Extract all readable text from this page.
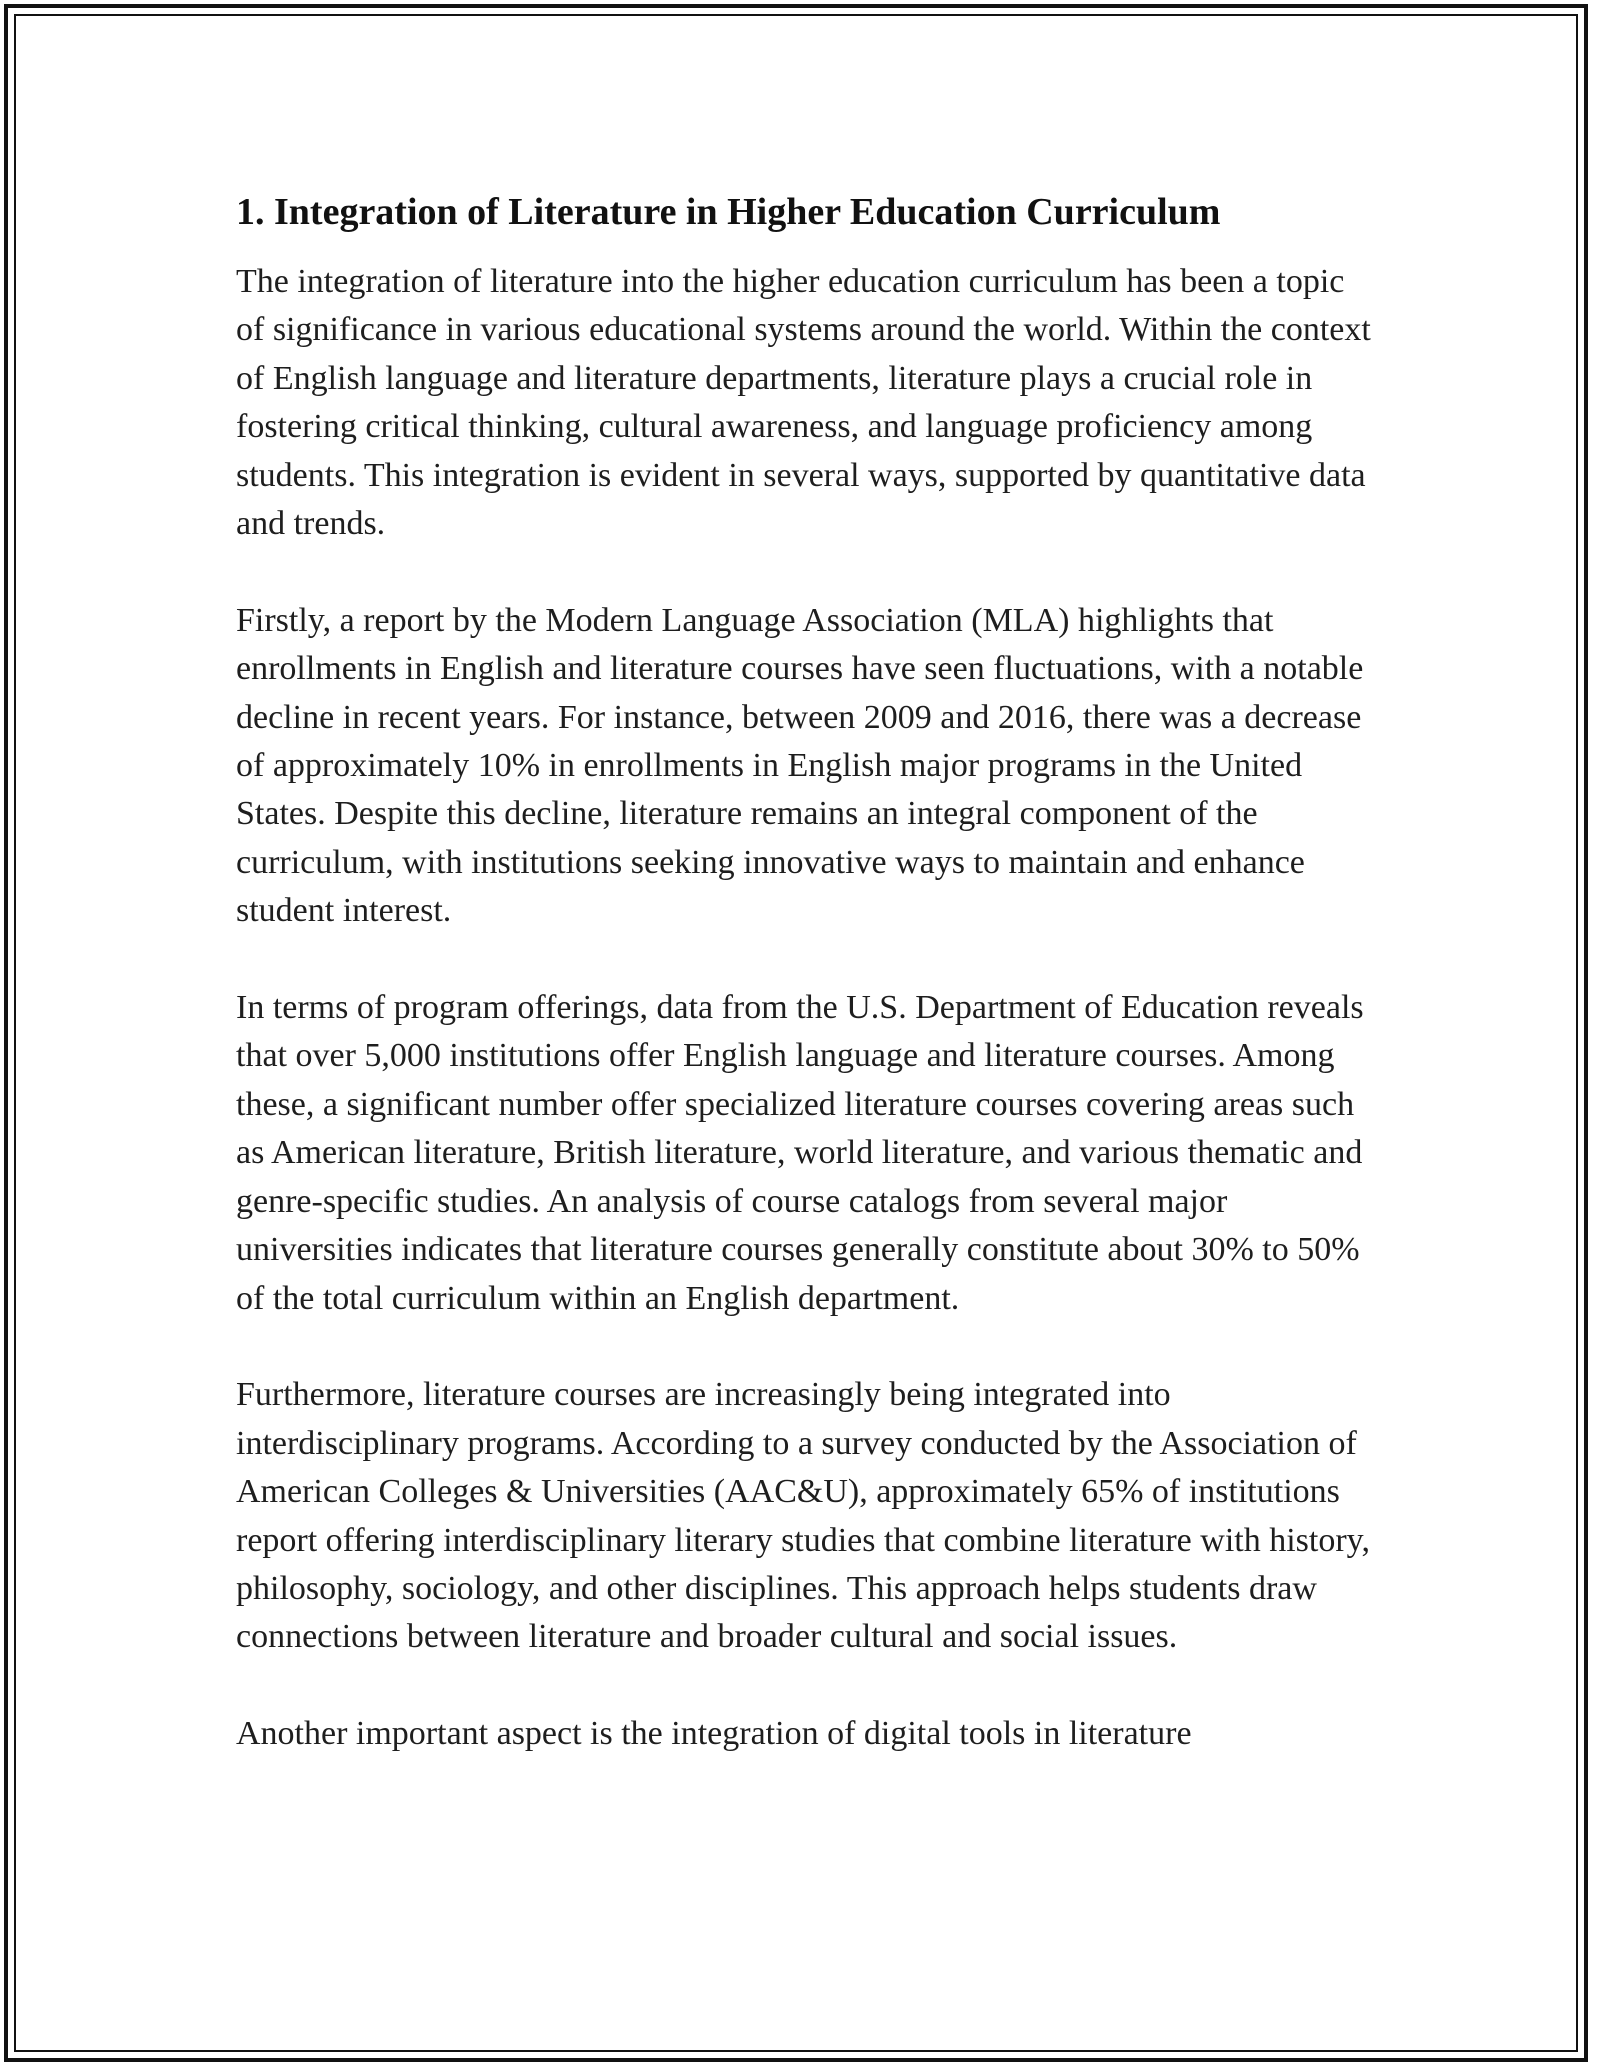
1. Integration of Literature in Higher Education Curriculum

The integration of literature into the higher education curriculum has been a topic of significance in various educational systems around the world. Within the context of English language and literature departments, literature plays a crucial role in fostering critical thinking, cultural awareness, and language proficiency among students. This integration is evident in several ways, supported by quantitative data and trends.

Firstly, a report by the Modern Language Association (MLA) highlights that enrollments in English and literature courses have seen fluctuations, with a notable decline in recent years. For instance, between 2009 and 2016, there was a decrease of approximately 10% in enrollments in English major programs in the United States. Despite this decline, literature remains an integral component of the curriculum, with institutions seeking innovative ways to maintain and enhance student interest.

In terms of program offerings, data from the U.S. Department of Education reveals that over 5,000 institutions offer English language and literature courses. Among these, a significant number offer specialized literature courses covering areas such as American literature, British literature, world literature, and various thematic and genre-specific studies. An analysis of course catalogs from several major universities indicates that literature courses generally constitute about 30% to 50% of the total curriculum within an English department.

Furthermore, literature courses are increasingly being integrated into interdisciplinary programs. According to a survey conducted by the Association of American Colleges & Universities (AAC&U), approximately 65% of institutions report offering interdisciplinary literary studies that combine literature with history, philosophy, sociology, and other disciplines. This approach helps students draw connections between literature and broader cultural and social issues.

Another important aspect is the integration of digital tools in literature
